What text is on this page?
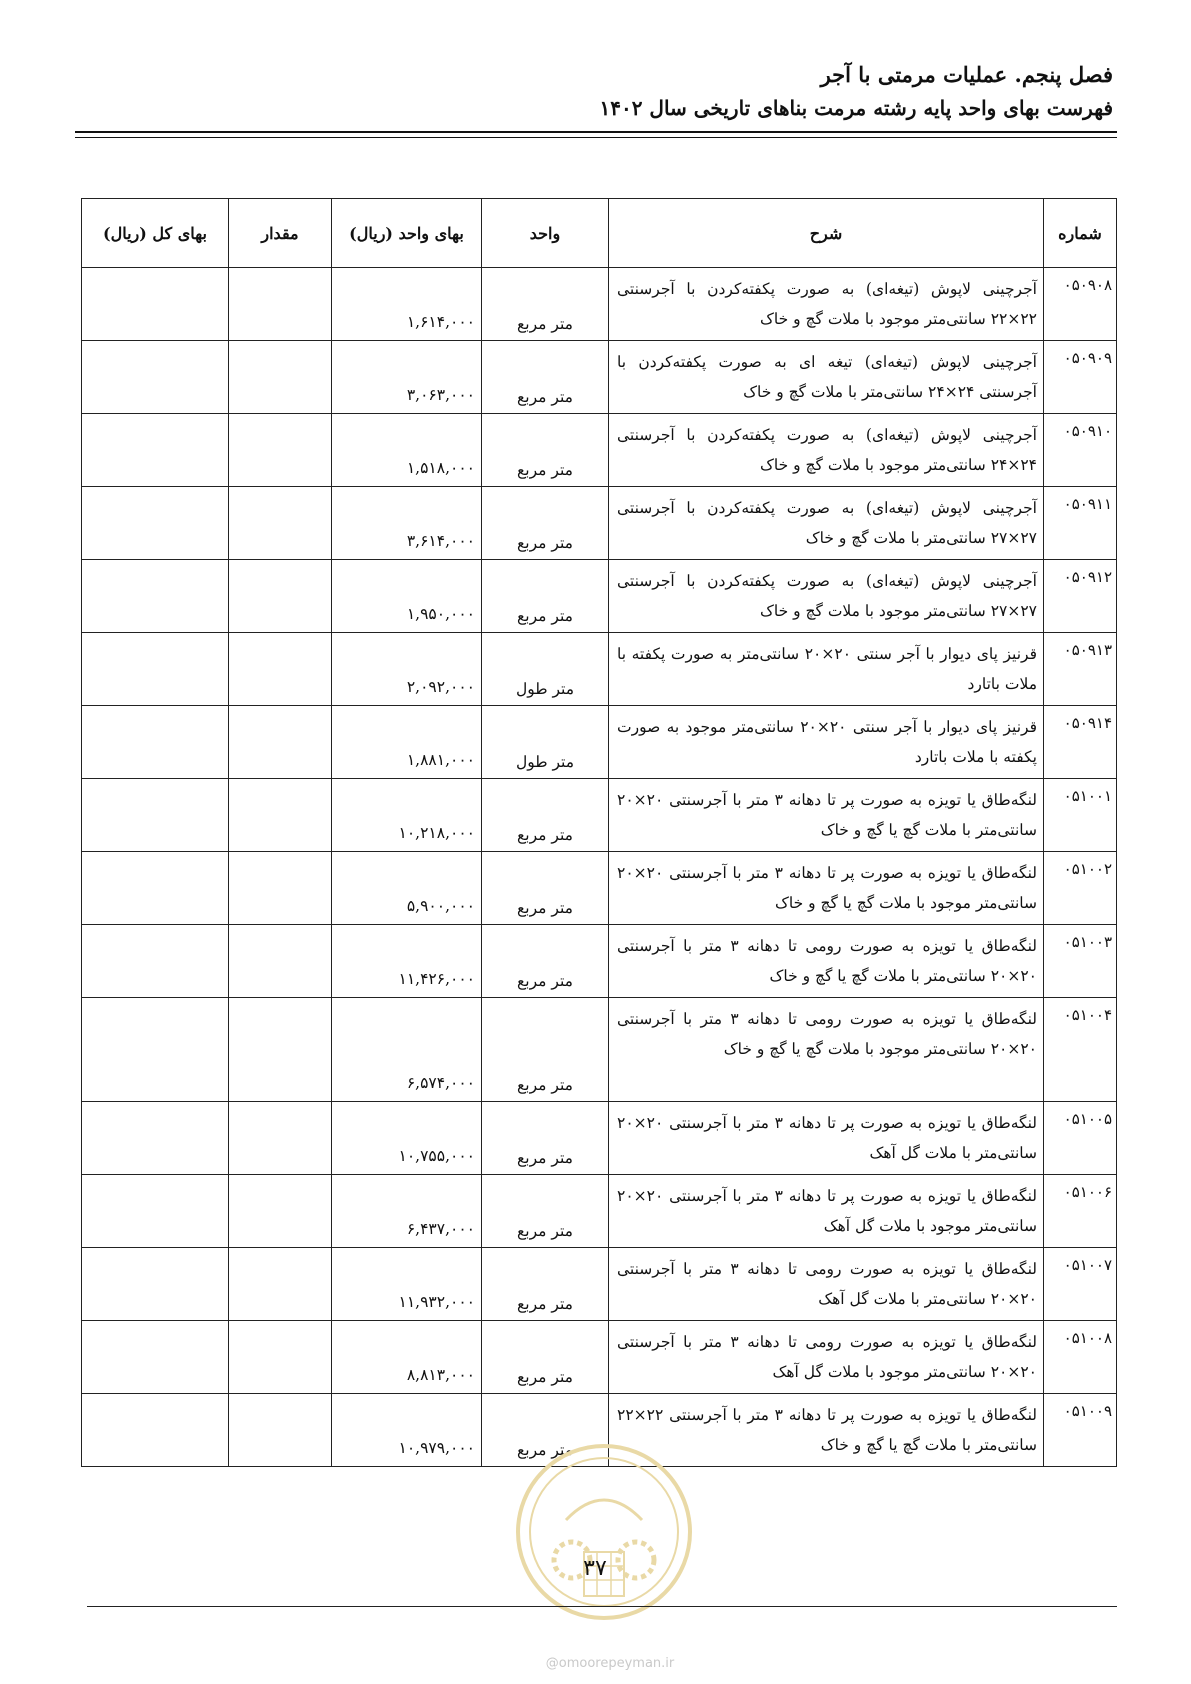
فصل پنجم. عملیات مرمتی با آجر
فهرست بهای واحد پایه رشته مرمت بناهای تاریخی سال ۱۴۰۲
شماره	شرح	واحد	بهای واحد (ریال)	مقدار	بهای کل (ریال)
۰۵۰۹۰۸	آجرچینی لاپوش (تیغه‌ای) به صورت پکفته‌کردن با آجرسنتی ۲۲×۲۲ سانتی‌متر موجود با ملات گچ و خاک	متر مربع	۱,۶۱۴,۰۰۰		
۰۵۰۹۰۹	آجرچینی لاپوش (تیغه‌ای) تیغه ای به صورت پکفته‌کردن با آجرسنتی ۲۴×۲۴ سانتی‌متر با ملات گچ و خاک	متر مربع	۳,۰۶۳,۰۰۰		
۰۵۰۹۱۰	آجرچینی لاپوش (تیغه‌ای) به صورت پکفته‌کردن با آجرسنتی ۲۴×۲۴ سانتی‌متر موجود با ملات گچ و خاک	متر مربع	۱,۵۱۸,۰۰۰		
۰۵۰۹۱۱	آجرچینی لاپوش (تیغه‌ای) به صورت پکفته‌کردن با آجرسنتی ۲۷×۲۷ سانتی‌متر با ملات گچ و خاک	متر مربع	۳,۶۱۴,۰۰۰		
۰۵۰۹۱۲	آجرچینی لاپوش (تیغه‌ای) به صورت پکفته‌کردن با آجرسنتی ۲۷×۲۷ سانتی‌متر موجود با ملات گچ و خاک	متر مربع	۱,۹۵۰,۰۰۰		
۰۵۰۹۱۳	قرنیز پای دیوار با آجر سنتی ۲۰×۲۰ سانتی‌متر به صورت پکفته با ملات باتارد	متر طول	۲,۰۹۲,۰۰۰		
۰۵۰۹۱۴	قرنیز پای دیوار با آجر سنتی ۲۰×۲۰ سانتی‌متر موجود به صورت پکفته با ملات باتارد	متر طول	۱,۸۸۱,۰۰۰		
۰۵۱۰۰۱	لنگه‌طاق یا تویزه به صورت پر تا دهانه ۳ متر با آجرسنتی ۲۰×۲۰ سانتی‌متر با ملات گچ یا گچ و خاک	متر مربع	۱۰,۲۱۸,۰۰۰		
۰۵۱۰۰۲	لنگه‌طاق یا تویزه به صورت پر تا دهانه ۳ متر با آجرسنتی ۲۰×۲۰ سانتی‌متر موجود با ملات گچ یا گچ و خاک	متر مربع	۵,۹۰۰,۰۰۰		
۰۵۱۰۰۳	لنگه‌طاق یا تویزه به صورت رومی تا دهانه ۳ متر با آجرسنتی ۲۰×۲۰ سانتی‌متر با ملات گچ یا گچ و خاک	متر مربع	۱۱,۴۲۶,۰۰۰		
۰۵۱۰۰۴	لنگه‌طاق یا تویزه به صورت رومی تا دهانه ۳ متر با آجرسنتی ۲۰×۲۰ سانتی‌متر موجود با ملات گچ یا گچ و خاک	متر مربع	۶,۵۷۴,۰۰۰		
۰۵۱۰۰۵	لنگه‌طاق یا تویزه به صورت پر تا دهانه ۳ متر با آجرسنتی ۲۰×۲۰ سانتی‌متر با ملات گل آهک	متر مربع	۱۰,۷۵۵,۰۰۰		
۰۵۱۰۰۶	لنگه‌طاق یا تویزه به صورت پر تا دهانه ۳ متر با آجرسنتی ۲۰×۲۰ سانتی‌متر موجود با ملات گل آهک	متر مربع	۶,۴۳۷,۰۰۰		
۰۵۱۰۰۷	لنگه‌طاق یا تویزه به صورت رومی تا دهانه ۳ متر با آجرسنتی ۲۰×۲۰ سانتی‌متر با ملات گل آهک	متر مربع	۱۱,۹۳۲,۰۰۰		
۰۵۱۰۰۸	لنگه‌طاق یا تویزه به صورت رومی تا دهانه ۳ متر با آجرسنتی ۲۰×۲۰ سانتی‌متر موجود با ملات گل آهک	متر مربع	۸,۸۱۳,۰۰۰		
۰۵۱۰۰۹	لنگه‌طاق یا تویزه به صورت پر تا دهانه ۳ متر با آجرسنتی ۲۲×۲۲ سانتی‌متر با ملات گچ یا گچ و خاک	متر مربع	۱۰,۹۷۹,۰۰۰		
۳۷
@omoorepeyman.ir
